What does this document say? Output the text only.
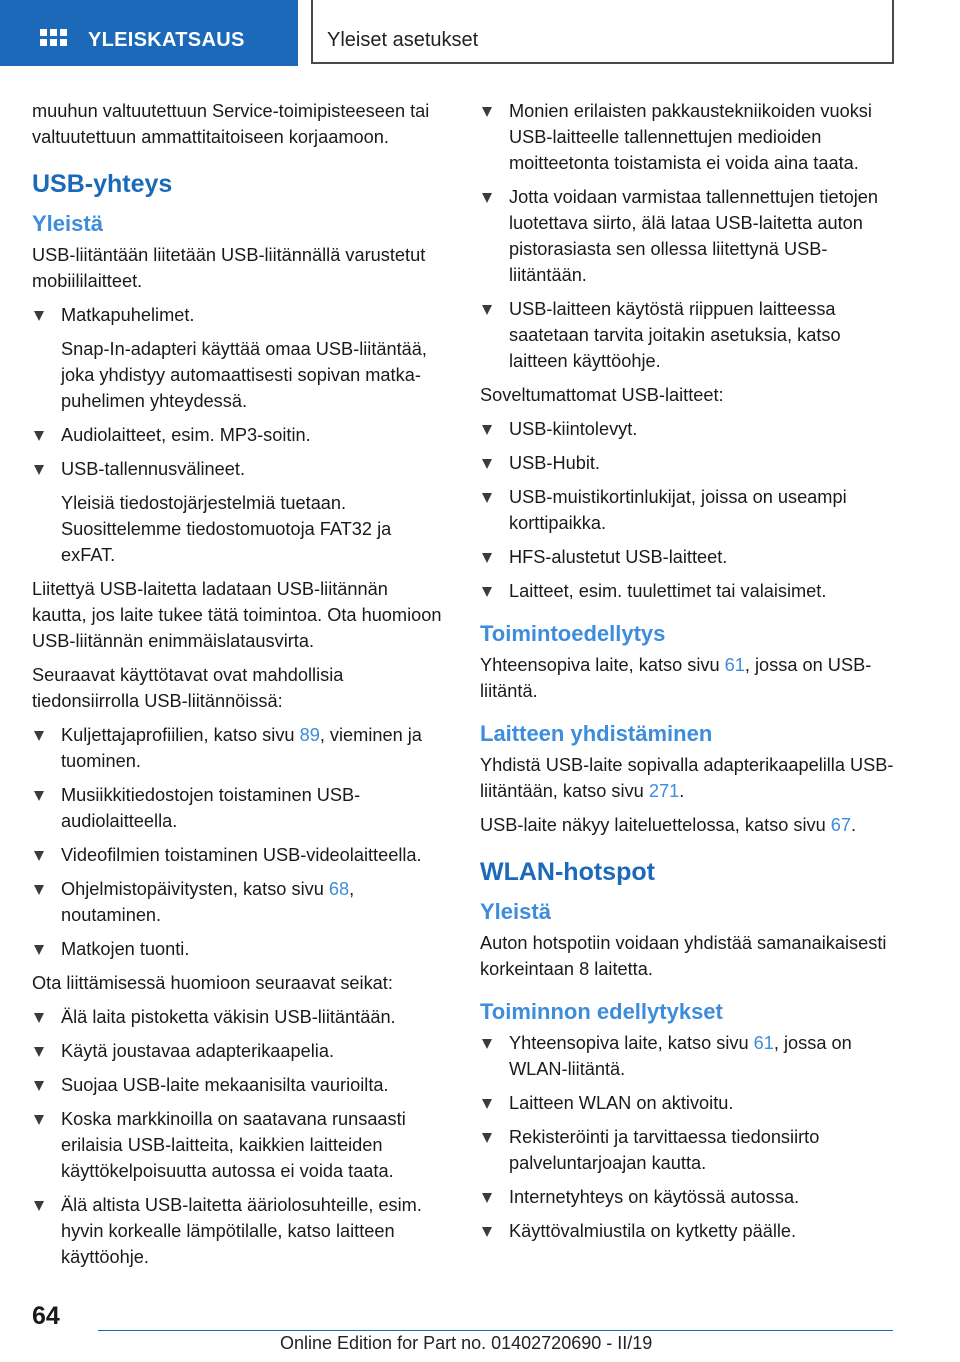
YLEISKATSAUS	Yleiset asetukset

muuhun valtuutettuun Service-toimipisteeseen tai valtuutettuun ammattitaitoiseen korjaamoon.

USB-yhteys
Yleistä

USB-liitäntään liitetään USB-liitännällä varustetut mobiililaitteet.

Matkapuhelimet.
Snap-In-adapteri käyttää omaa USB-liitäntää, joka yhdistyy automaattisesti sopivan matka-puhelimen yhteydessä.
Audiolaitteet, esim. MP3-soitin.
USB-tallennusvälineet.
Yleisiä tiedostojärjestelmiä tuetaan. Suosittelemme tiedostomuotoja FAT32 ja exFAT.

Liitettyä USB-laitetta ladataan USB-liitännän kautta, jos laite tukee tätä toimintoa. Ota huomioon USB-liitännän enimmäislatausvirta.

Seuraavat käyttötavat ovat mahdollisia tiedonsiirrolla USB-liitännöissä:

Kuljettajaprofiilien, katso sivu 89, vieminen ja tuominen.
Musiikkitiedostojen toistaminen USB-audiolaitteella.
Videofilmien toistaminen USB-videolaitteella.
Ohjelmistopäivitysten, katso sivu 68, noutaminen.
Matkojen tuonti.

Ota liittämisessä huomioon seuraavat seikat:

Älä laita pistoketta väkisin USB-liitäntään.
Käytä joustavaa adapterikaapelia.
Suojaa USB-laite mekaanisilta vaurioilta.
Koska markkinoilla on saatavana runsaasti erilaisia USB-laitteita, kaikkien laitteiden käyttökelpoisuutta autossa ei voida taata.
Älä altista USB-laitetta ääriolosuhteille, esim. hyvin korkealle lämpötilalle, katso laitteen käyttöohje.
Monien erilaisten pakkaustekniikoiden vuoksi USB-laitteelle tallennettujen medioiden moitteetonta toistamista ei voida aina taata.
Jotta voidaan varmistaa tallennettujen tietojen luotettava siirto, älä lataa USB-laitetta auton pistorasiasta sen ollessa liitettynä USB-liitäntään.
USB-laitteen käytöstä riippuen laitteessa saatetaan tarvita joitakin asetuksia, katso laitteen käyttöohje.

Soveltumattomat USB-laitteet:

USB-kiintolevyt.
USB-Hubit.
USB-muistikortinlukijat, joissa on useampi korttipaikka.
HFS-alustetut USB-laitteet.
Laitteet, esim. tuulettimet tai valaisimet.
Toimintoedellytys

Yhteensopiva laite, katso sivu 61, jossa on USB-liitäntä.

Laitteen yhdistäminen

Yhdistä USB-laite sopivalla adapterikaapelilla USB-liitäntään, katso sivu 271.

USB-laite näkyy laiteluettelossa, katso sivu 67.

WLAN-hotspot
Yleistä

Auton hotspotiin voidaan yhdistää samanaikaisesti korkeintaan 8 laitetta.

Toiminnon edellytykset
Yhteensopiva laite, katso sivu 61, jossa on WLAN-liitäntä.
Laitteen WLAN on aktivoitu.
Rekisteröinti ja tarvittaessa tiedonsiirto palveluntarjoajan kautta.
Internetyhteys on käytössä autossa.
Käyttövalmiustila on kytketty päälle.
64
Online Edition for Part no. 01402720690 - II/19
